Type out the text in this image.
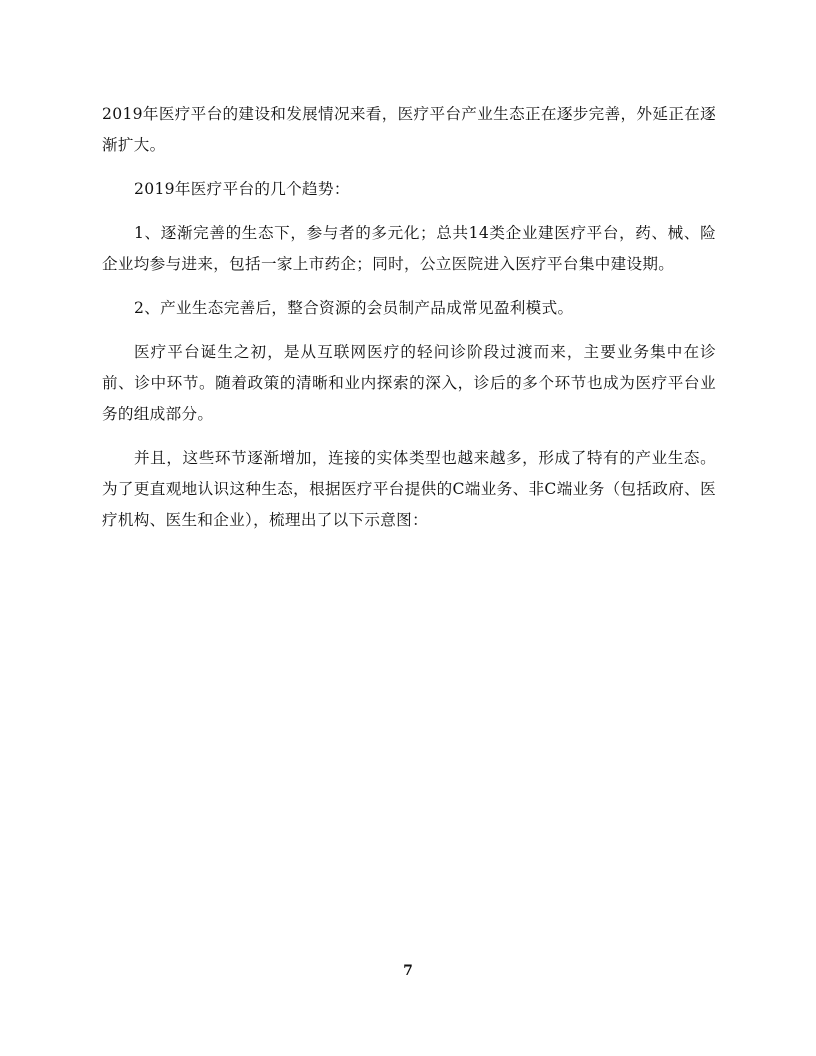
2019年医疗平台的建设和发展情况来看，医疗平台产业生态正在逐步完善，外延正在逐渐扩大。

2019年医疗平台的几个趋势：

1、逐渐完善的生态下，参与者的多元化；总共14类企业建医疗平台，药、械、险企业均参与进来，包括一家上市药企；同时，公立医院进入医疗平台集中建设期。

2、产业生态完善后，整合资源的会员制产品成常见盈利模式。

医疗平台诞生之初，是从互联网医疗的轻问诊阶段过渡而来，主要业务集中在诊前、诊中环节。随着政策的清晰和业内探索的深入，诊后的多个环节也成为医疗平台业务的组成部分。

并且，这些环节逐渐增加，连接的实体类型也越来越多，形成了特有的产业生态。为了更直观地认识这种生态，根据医疗平台提供的C端业务、非C端业务（包括政府、医疗机构、医生和企业），梳理出了以下示意图：

7
